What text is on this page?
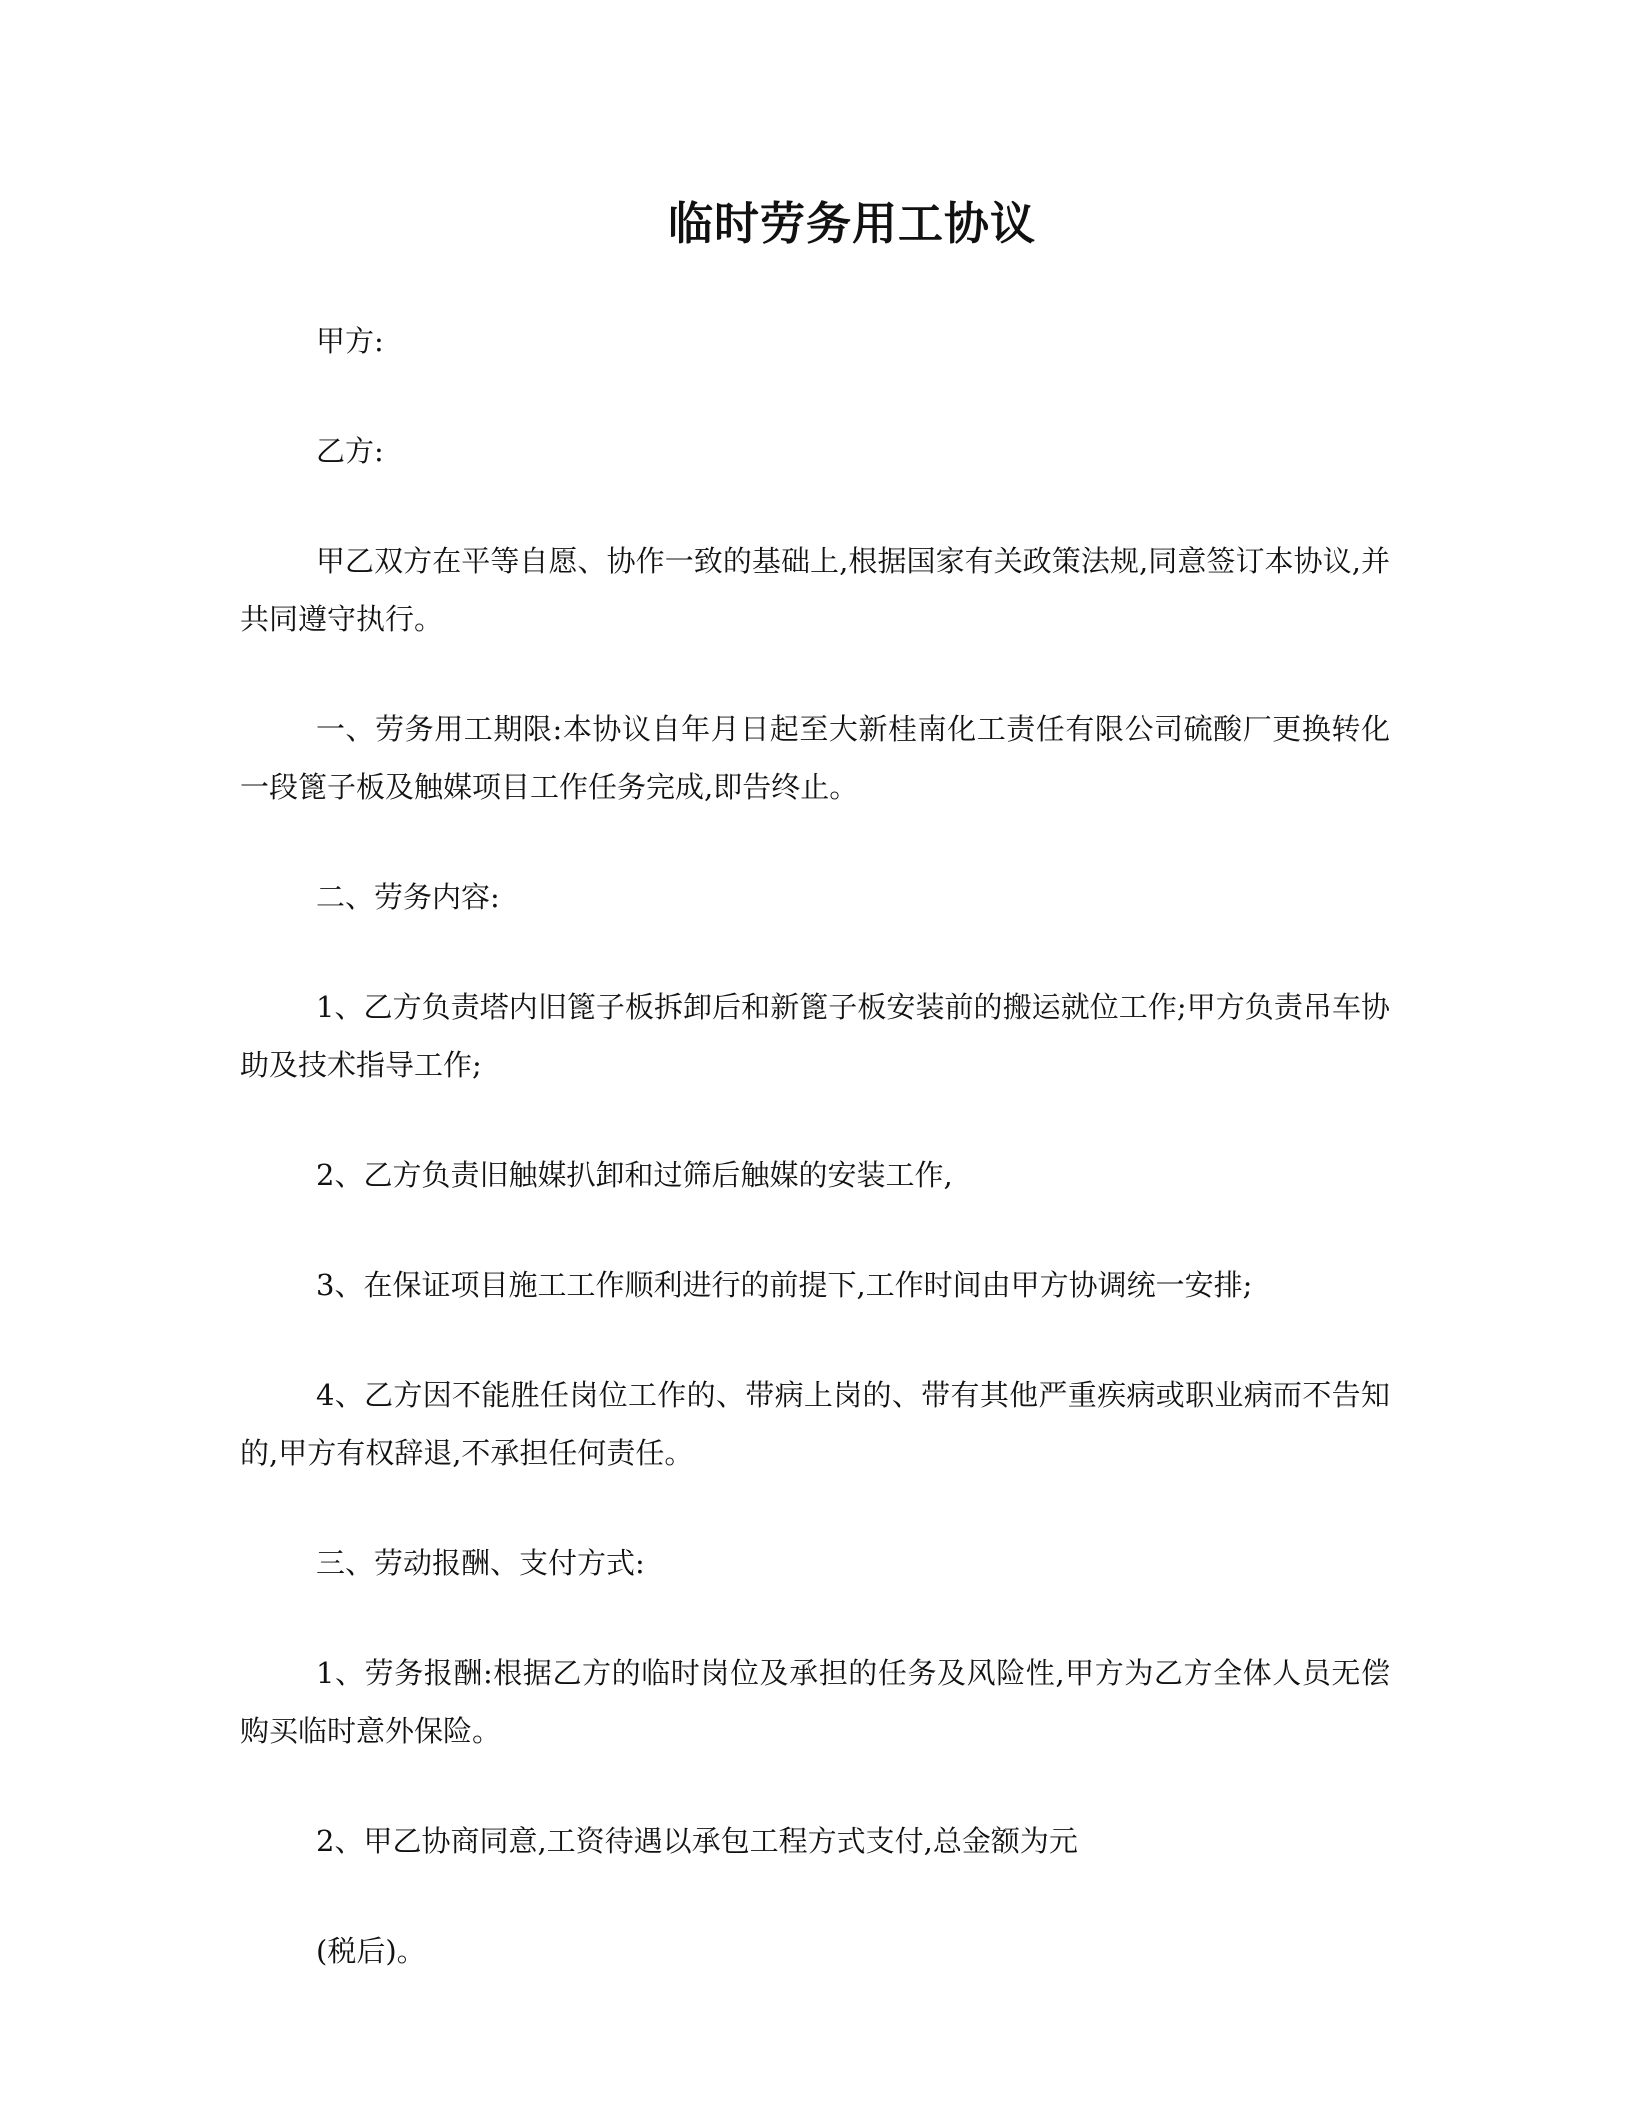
临时劳务用工协议

甲方:

乙方:

甲乙双方在平等自愿、协作一致的基础上,根据国家有关政策法规,同意签订本协议,并共同遵守执行。

一、劳务用工期限:本协议自年月日起至大新桂南化工责任有限公司硫酸厂更换转化一段篦子板及触媒项目工作任务完成,即告终止。

二、劳务内容:

1、乙方负责塔内旧篦子板拆卸后和新篦子板安装前的搬运就位工作;甲方负责吊车协助及技术指导工作;

2、乙方负责旧触媒扒卸和过筛后触媒的安装工作,

3、在保证项目施工工作顺利进行的前提下,工作时间由甲方协调统一安排;

4、乙方因不能胜任岗位工作的、带病上岗的、带有其他严重疾病或职业病而不告知的,甲方有权辞退,不承担任何责任。

三、劳动报酬、支付方式:

1、劳务报酬:根据乙方的临时岗位及承担的任务及风险性,甲方为乙方全体人员无偿购买临时意外保险。

2、甲乙协商同意,工资待遇以承包工程方式支付,总金额为元

(税后)。
